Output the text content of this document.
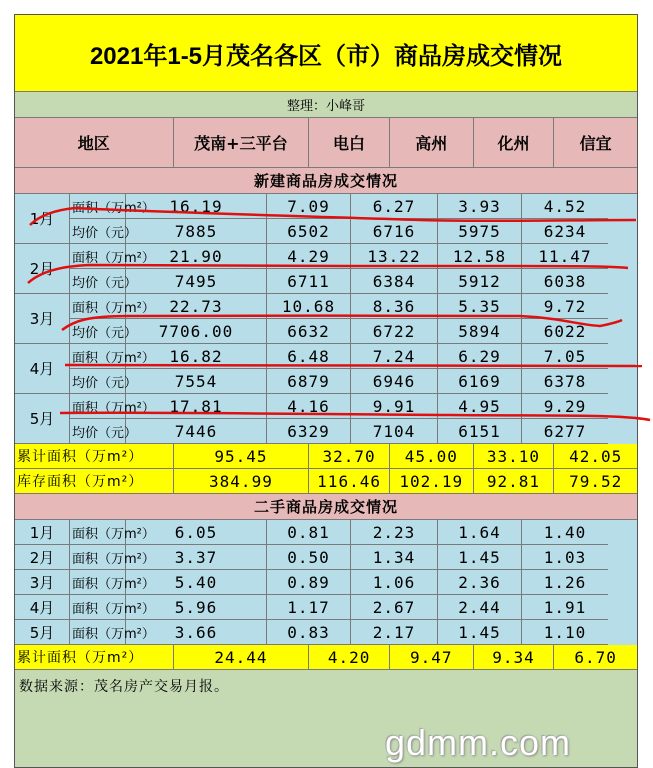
2021年1-5月茂名各区（市）商品房成交情况
整理：小峰哥
地区	茂南+三平台	电白	高州	化州	信宜
新建商品房成交情况
1月
面积（万m²） 16.19	7.09	6.27	3.93	4.52
均价（元）	7885	6502	6716	5975	6234
2月
面积（万m²） 21.90	4.29	13.22	12.58	11.47
均价（元）	7495	6711	6384	5912	6038
3月
面积（万m²） 22.73	10.68	8.36	5.35	9.72
均价（元）	7706.00	6632	6722	5894	6022
4月
面积（万m²） 16.82	6.48	7.24	6.29	7.05
均价（元）	7554	6879	6946	6169	6378
5月
面积（万m²） 17.81	4.16	9.91	4.95	9.29
均价（元）	7446	6329	7104	6151	6277
累计面积（万m²）	95.45	32.70	45.00	33.10	42.05
库存面积（万m²）	384.99	116.46	102.19	92.81	79.52
二手商品房成交情况
1月	面积（万m²）	6.05	0.81	2.23	1.64	1.40
2月	面积（万m²）	3.37	0.50	1.34	1.45	1.03
3月	面积（万m²）	5.40	0.89	1.06	2.36	1.26
4月	面积（万m²）	5.96	1.17	2.67	2.44	1.91
5月	面积（万m²）	3.66	0.83	2.17	1.45	1.10
累计面积（万m²）	24.44	4.20	9.47	9.34	6.70
数据来源：茂名房产交易月报。
gdmm.com
